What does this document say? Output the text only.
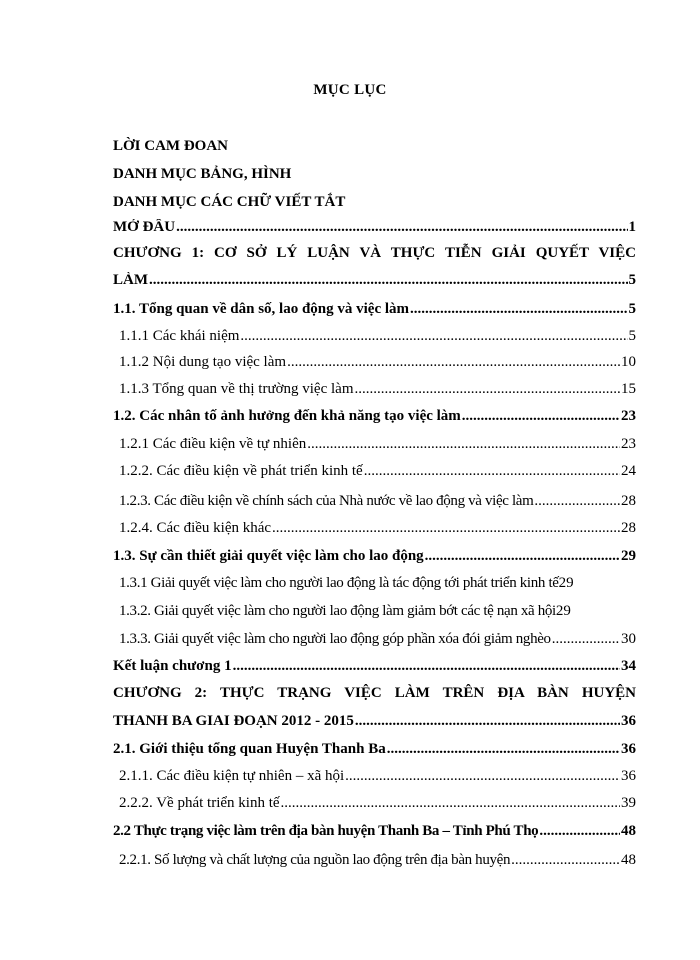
MỤC LỤC
LỜI CAM ĐOAN
DANH MỤC BẢNG, HÌNH
DANH MỤC CÁC CHỮ VIẾT TẮT
MỞ ĐẦU .....	1
CHƯƠNG 1: CƠ SỞ LÝ LUẬN VÀ THỰC TIỄN GIẢI QUYẾT VIỆC
LÀM .....	5
1.1. Tổng quan về dân số, lao động và việc làm .....	5
1.1.1 Các khái niệm .....	5
1.1.2 Nội dung tạo việc làm .....	10
1.1.3 Tổng quan về thị trường việc làm .....	15
1.2. Các nhân tố ảnh hưởng đến khả năng tạo việc làm .....	23
1.2.1 Các điều kiện về tự nhiên .....	23
1.2.2. Các điều kiện về phát triển kinh tế .....	24
1.2.3. Các điều kiện về chính sách của Nhà nước về lao động và việc làm .....	28
1.2.4. Các điều kiện khác .....	28
1.3. Sự cần thiết giải quyết việc làm cho lao động .....	29
1.3.1 Giải quyết việc làm cho người lao động là tác động tới phát triển kinh tế 29
1.3.2. Giải quyết việc làm cho người lao động làm giảm bớt các tệ nạn xã hội 29
1.3.3. Giải quyết việc làm cho người lao động góp phần xóa đói giảm nghèo .....	30
Kết luận chương 1 .....	34
CHƯƠNG 2: THỰC TRẠNG VIỆC LÀM TRÊN ĐỊA BÀN HUYỆN
THANH BA GIAI ĐOẠN 2012 - 2015 .....	36
2.1. Giới thiệu tổng quan Huyện Thanh Ba .....	36
2.1.1. Các điều kiện tự nhiên – xã hội .....	36
2.2.2. Về phát triển kinh tế .....	39
2.2 Thực trạng việc làm trên địa bàn huyện Thanh Ba – Tỉnh Phú Thọ .....	48
2.2.1. Số lượng và chất lượng của nguồn lao động trên địa bàn huyện .....	48
